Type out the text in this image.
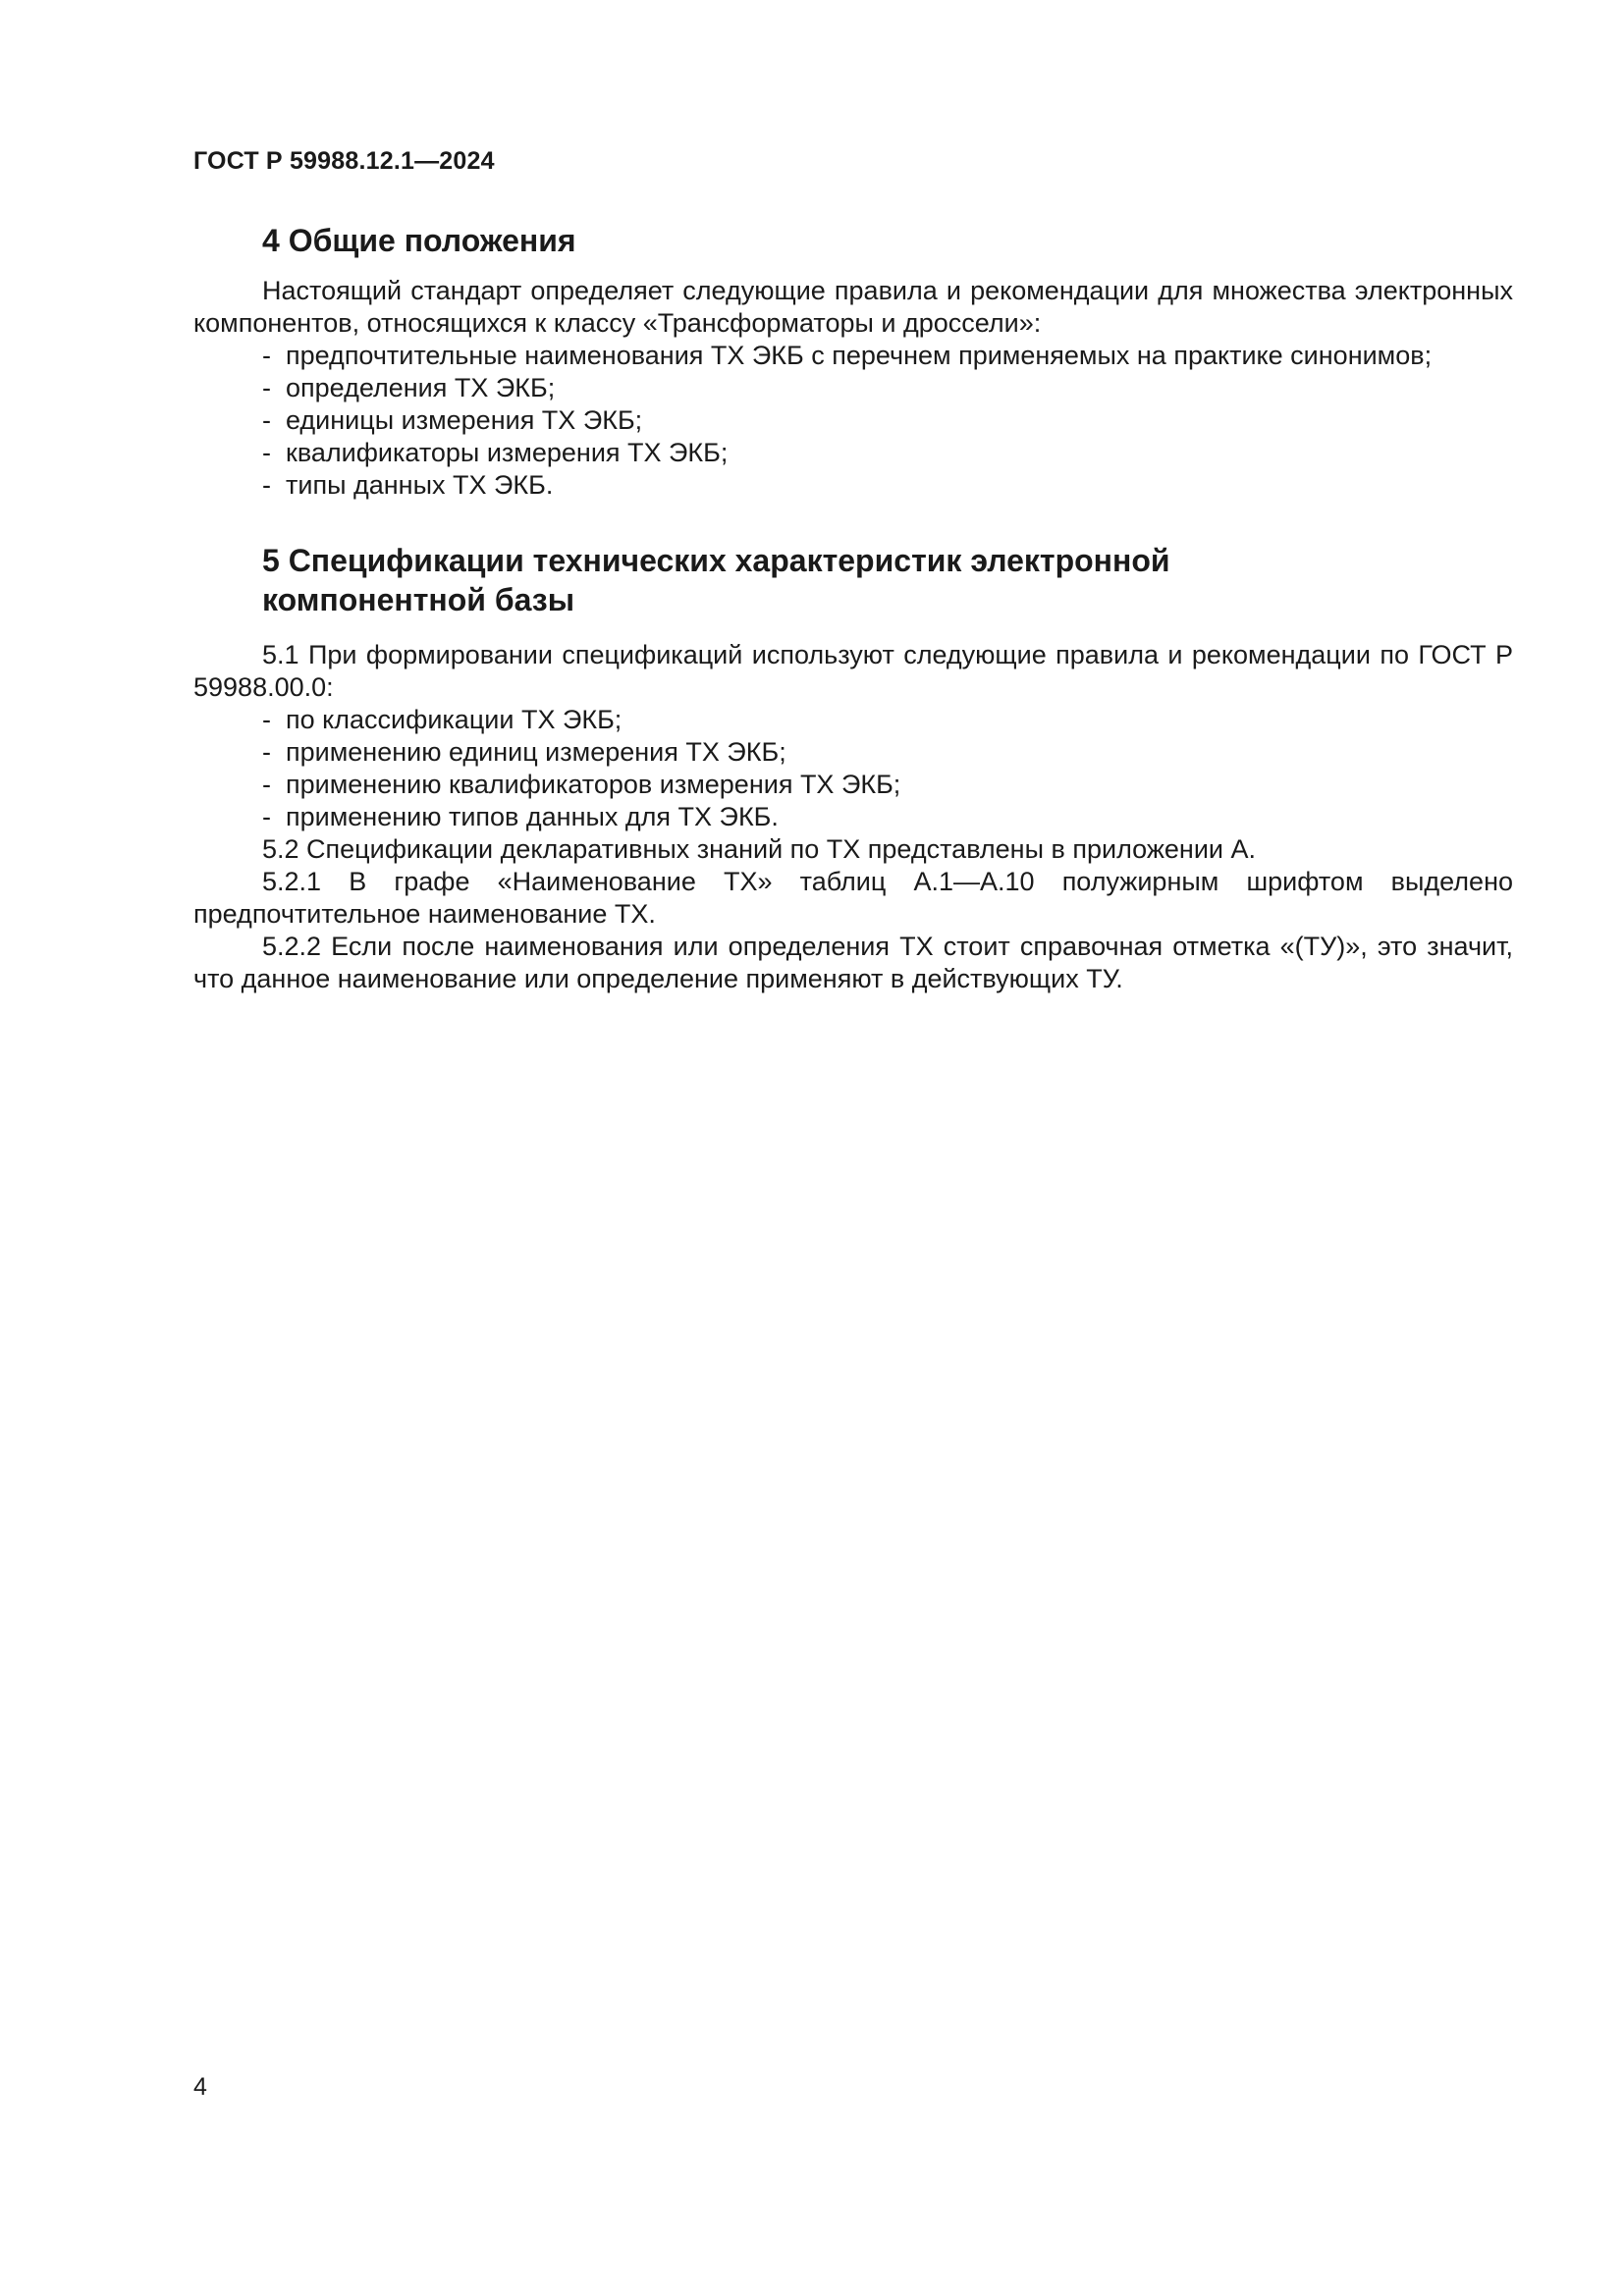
ГОСТ Р 59988.12.1—2024
4 Общие положения

Настоящий стандарт определяет следующие правила и рекомендации для множества электронных компонентов, относящихся к классу «Трансформаторы и дроссели»:

- предпочтительные наименования ТХ ЭКБ с перечнем применяемых на практике синонимов;
- определения ТХ ЭКБ;
- единицы измерения ТХ ЭКБ;
- квалификаторы измерения ТХ ЭКБ;
- типы данных ТХ ЭКБ.
5 Спецификации технических характеристик электронной
компонентной базы

5.1 При формировании спецификаций используют следующие правила и рекомендации по ГОСТ Р 59988.00.0:

- по классификации ТХ ЭКБ;
- применению единиц измерения ТХ ЭКБ;
- применению квалификаторов измерения ТХ ЭКБ;
- применению типов данных для ТХ ЭКБ.

5.2 Спецификации декларативных знаний по ТХ представлены в приложении А.

5.2.1 В графе «Наименование ТХ» таблиц А.1—А.10 полужирным шрифтом выделено предпочтительное наименование ТХ.

5.2.2 Если после наименования или определения ТХ стоит справочная отметка «(ТУ)», это значит, что данное наименование или определение применяют в действующих ТУ.

4
